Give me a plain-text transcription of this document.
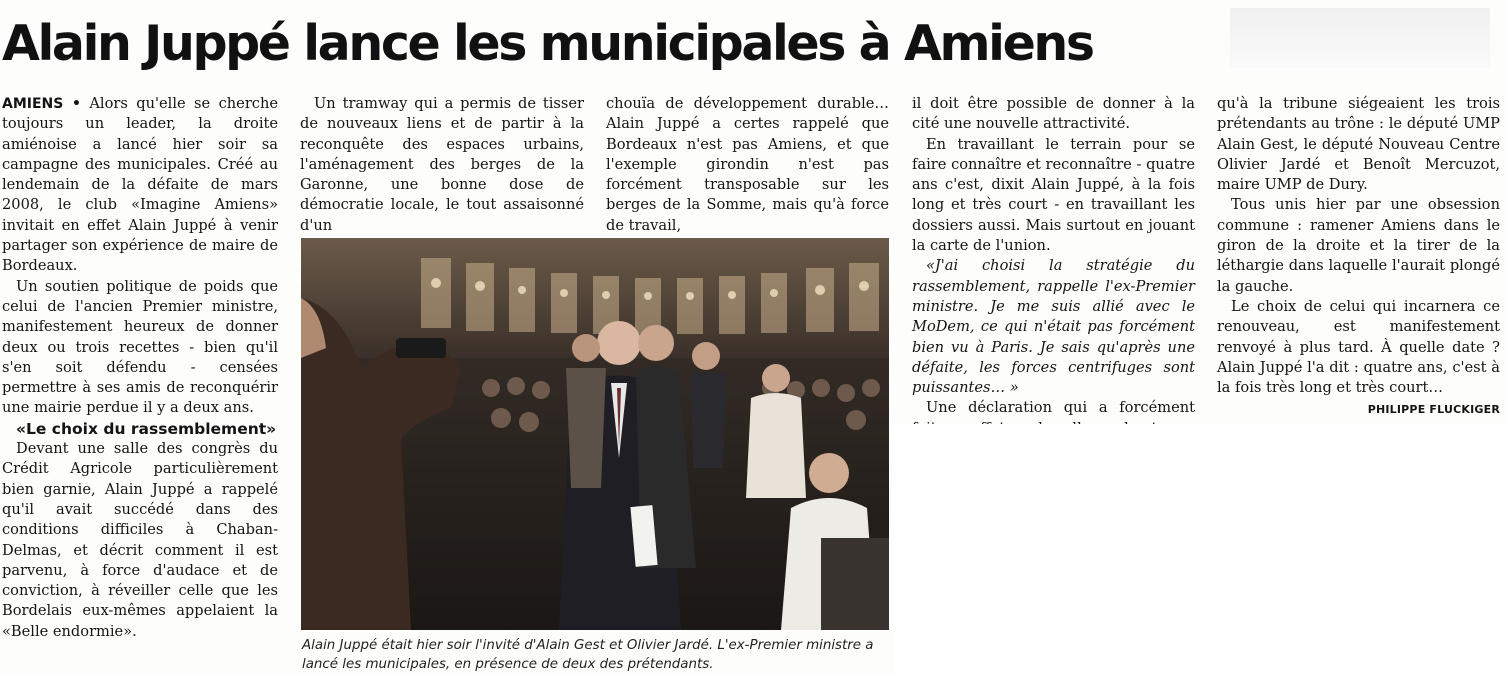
Alain Juppé lance les municipales à Amiens

AMIENS • Alors qu'elle se cherche toujours un leader, la droite amiénoise a lancé hier soir sa campagne des municipales. Créé au lendemain de la défaite de mars 2008, le club «Imagine Amiens» invitait en effet Alain Juppé à venir partager son expérience de maire de Bordeaux.

Un soutien politique de poids que celui de l'ancien Premier ministre, manifestement heureux de donner deux ou trois recettes - bien qu'il s'en soit défendu - censées permettre à ses amis de reconquérir une mairie perdue il y a deux ans.

«Le choix du rassemblement»

Devant une salle des congrès du Crédit Agricole particulièrement bien garnie, Alain Juppé a rappelé qu'il avait succédé dans des conditions difficiles à Chaban-Delmas, et décrit comment il est parvenu, à force d'audace et de conviction, à réveiller celle que les Bordelais eux-mêmes appelaient la «Belle endormie».

Un tramway qui a permis de tisser de nouveaux liens et de partir à la reconquête des espaces urbains, l'aménagement des berges de la Garonne, une bonne dose de démocratie locale, le tout assaisonné d'un

chouïa de développement durable… Alain Juppé a certes rappelé que Bordeaux n'est pas Amiens, et que l'exemple girondin n'est pas forcément transposable sur les berges de la Somme, mais qu'à force de travail,

il doit être possible de donner à la cité une nouvelle attractivité.

En travaillant le terrain pour se faire connaître et reconnaître - quatre ans c'est, dixit Alain Juppé, à la fois long et très court - en travaillant les dossiers aussi. Mais surtout en jouant la carte de l'union.

«J'ai choisi la stratégie du rassemblement, rappelle l'ex-Premier ministre. Je me suis allié avec le MoDem, ce qui n'était pas forcément bien vu à Paris. Je sais qu'après une défaite, les forces centrifuges sont puissantes… »

Une déclaration qui a forcément

qu'à la tribune siégeaient les trois prétendants au trône : le député UMP Alain Gest, le député Nouveau Centre Olivier Jardé et Benoît Mercuzot, maire UMP de Dury.

Tous unis hier par une obsession commune : ramener Amiens dans le giron de la droite et la tirer de la léthargie dans laquelle l'aurait plongé la gauche.

Le choix de celui qui incarnera ce renouveau, est manifestement renvoyé à plus tard. À quelle date ? Alain Juppé l'a dit : quatre ans, c'est à la fois très long et très court…

PHILIPPE FLUCKIGER
Alain Juppé était hier soir l'invité d'Alain Gest et Olivier Jardé. L'ex-Premier ministre a lancé les municipales, en présence de deux des prétendants.
